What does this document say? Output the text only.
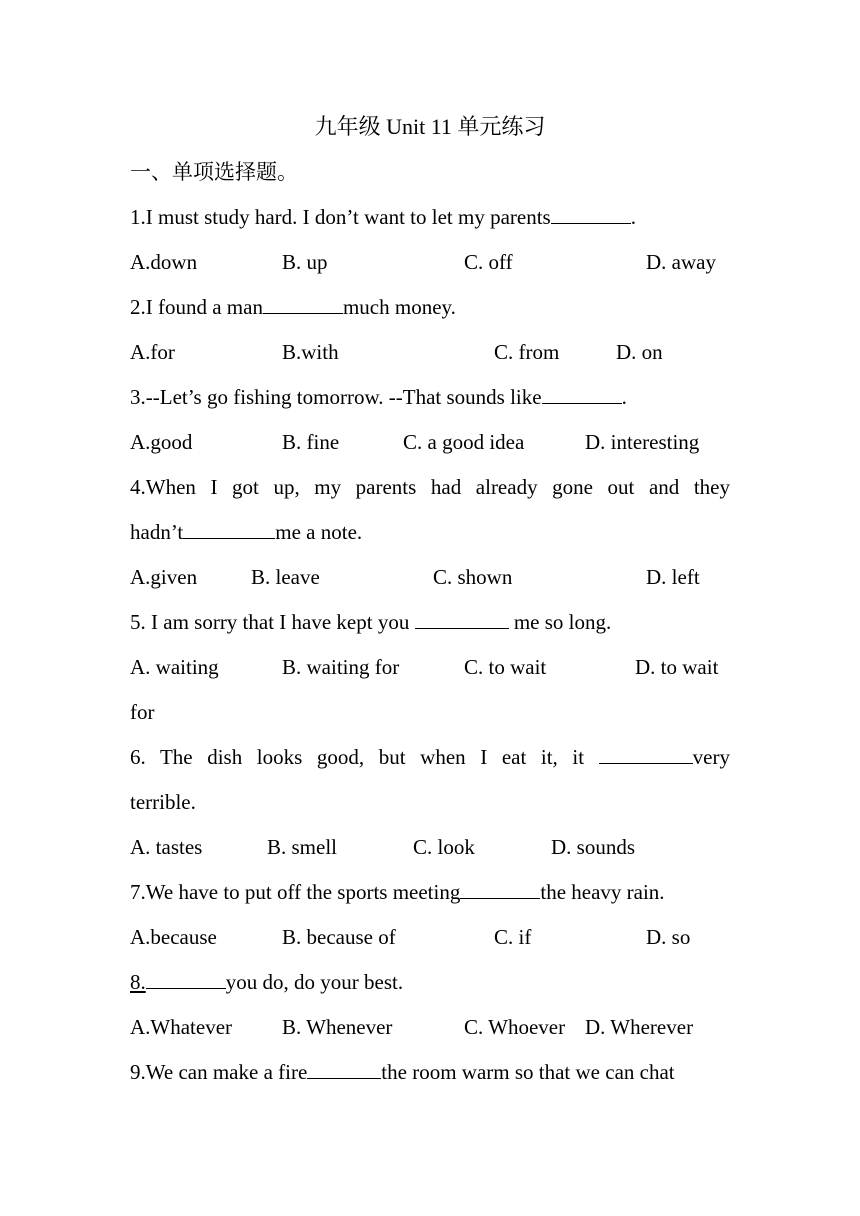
九年级 Unit 11 单元练习
一、单项选择题。
1.I must study hard. I don’t want to let my parents	.
A.down	B. up	C. off	D. away
2.I found a man	much money.
A.for	B.with	C. from	D. on
3.--Let’s go fishing tomorrow. --That sounds like	.
A.good	B. fine	C. a good idea	D. interesting
4.When I got up, my parents had already gone out and they
hadn’t	me a note.
A.given	B. leave	C. shown	D. left
5. I am sorry that I have kept you	me so long.
A. waiting	B. waiting for	C. to wait	D. to wait
for
6. The dish looks good, but when I eat it, it	very
terrible.
A. tastes	B. smell	C. look	D. sounds
7.We have to put off the sports meeting	the heavy rain.
A.because	B. because of	C. if	D. so
8.	you do, do your best.
A.Whatever B. Whenever	C. Whoever D. Wherever
9.We can make a fire	the room warm so that we can chat
